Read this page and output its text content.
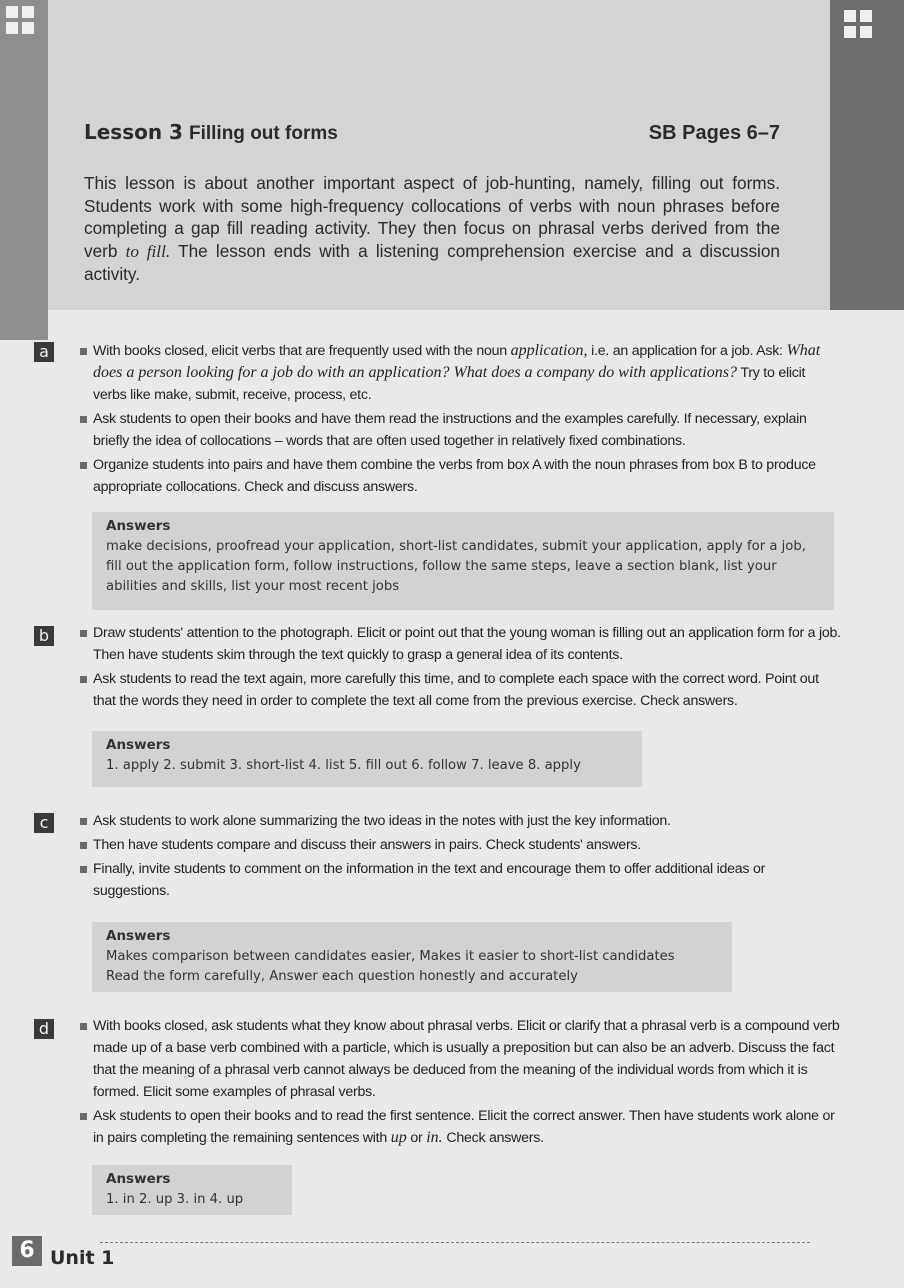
Lesson 3 Filling out forms	SB Pages 6–7
This lesson is about another important aspect of job-hunting, namely, filling out forms. Students work with some high-frequency collocations of verbs with noun phrases before completing a gap fill reading activity. They then focus on phrasal verbs derived from the verb to fill. The lesson ends with a listening comprehension exercise and a discussion activity.
a	With books closed, elicit verbs that are frequently used with the noun application, i.e. an application for a job. Ask: What does a person looking for a job do with an application? What does a company do with applications? Try to elicit verbs like make, submit, receive, process, etc.
Ask students to open their books and have them read the instructions and the examples carefully. If necessary, explain briefly the idea of collocations – words that are often used together in relatively fixed combinations.
Organize students into pairs and have them combine the verbs from box A with the noun phrases from box B to produce appropriate collocations. Check and discuss answers.
Answers
make decisions, proofread your application, short-list candidates, submit your application, apply for a job, fill out the application form, follow instructions, follow the same steps, leave a section blank, list your abilities and skills, list your most recent jobs
b	Draw students' attention to the photograph. Elicit or point out that the young woman is filling out an application form for a job. Then have students skim through the text quickly to grasp a general idea of its contents.
Ask students to read the text again, more carefully this time, and to complete each space with the correct word. Point out that the words they need in order to complete the text all come from the previous exercise. Check answers.
Answers
1. apply 2. submit 3. short-list 4. list 5. fill out 6. follow 7. leave 8. apply
c	Ask students to work alone summarizing the two ideas in the notes with just the key information.
Then have students compare and discuss their answers in pairs. Check students' answers.
Finally, invite students to comment on the information in the text and encourage them to offer additional ideas or suggestions.
Answers
Makes comparison between candidates easier, Makes it easier to short-list candidates
Read the form carefully, Answer each question honestly and accurately
d	With books closed, ask students what they know about phrasal verbs. Elicit or clarify that a phrasal verb is a compound verb made up of a base verb combined with a particle, which is usually a preposition but can also be an adverb. Discuss the fact that the meaning of a phrasal verb cannot always be deduced from the meaning of the individual words from which it is formed. Elicit some examples of phrasal verbs.
Ask students to open their books and to read the first sentence. Elicit the correct answer. Then have students work alone or in pairs completing the remaining sentences with up or in. Check answers.
Answers
1. in 2. up 3. in 4. up
6 Unit 1
